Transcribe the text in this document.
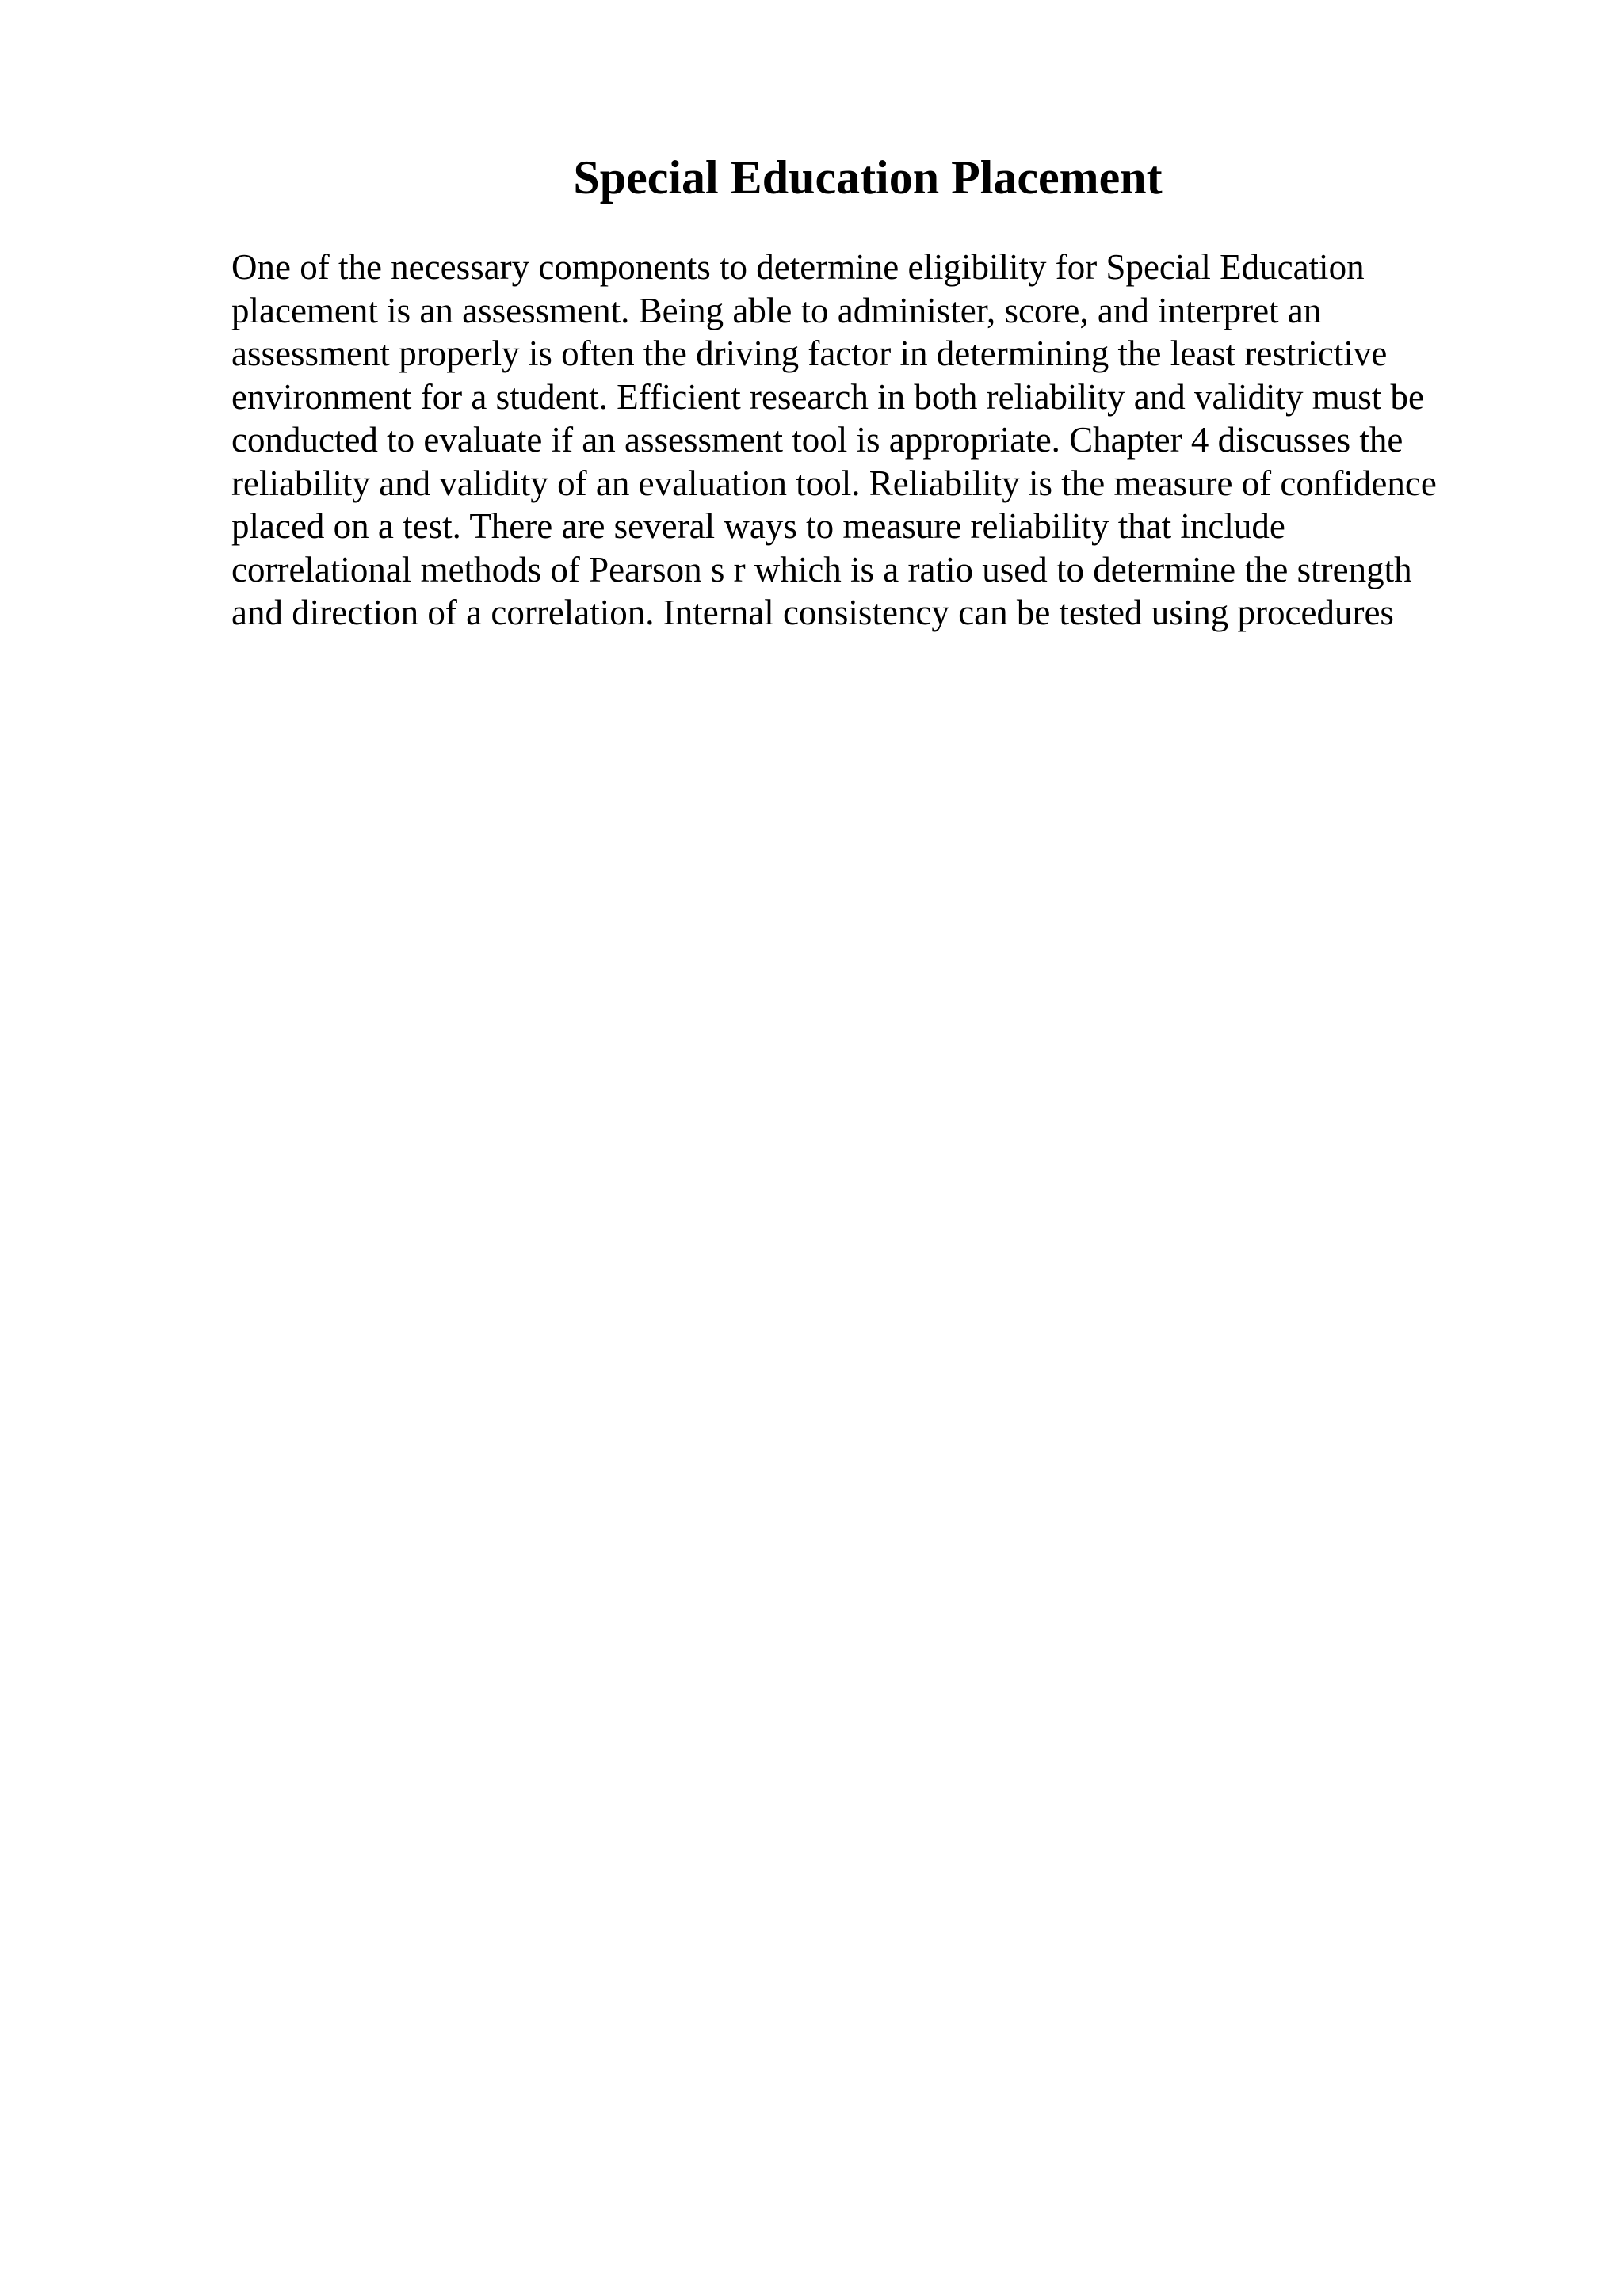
Special Education Placement

One of the necessary components to determine eligibility for Special Education
placement is an assessment. Being able to administer, score, and interpret an
assessment properly is often the driving factor in determining the least restrictive
environment for a student. Efficient research in both reliability and validity must be
conducted to evaluate if an assessment tool is appropriate. Chapter 4 discusses the
reliability and validity of an evaluation tool. Reliability is the measure of confidence
placed on a test. There are several ways to measure reliability that include
correlational methods of Pearson s r which is a ratio used to determine the strength
and direction of a correlation. Internal consistency can be tested using procedures
